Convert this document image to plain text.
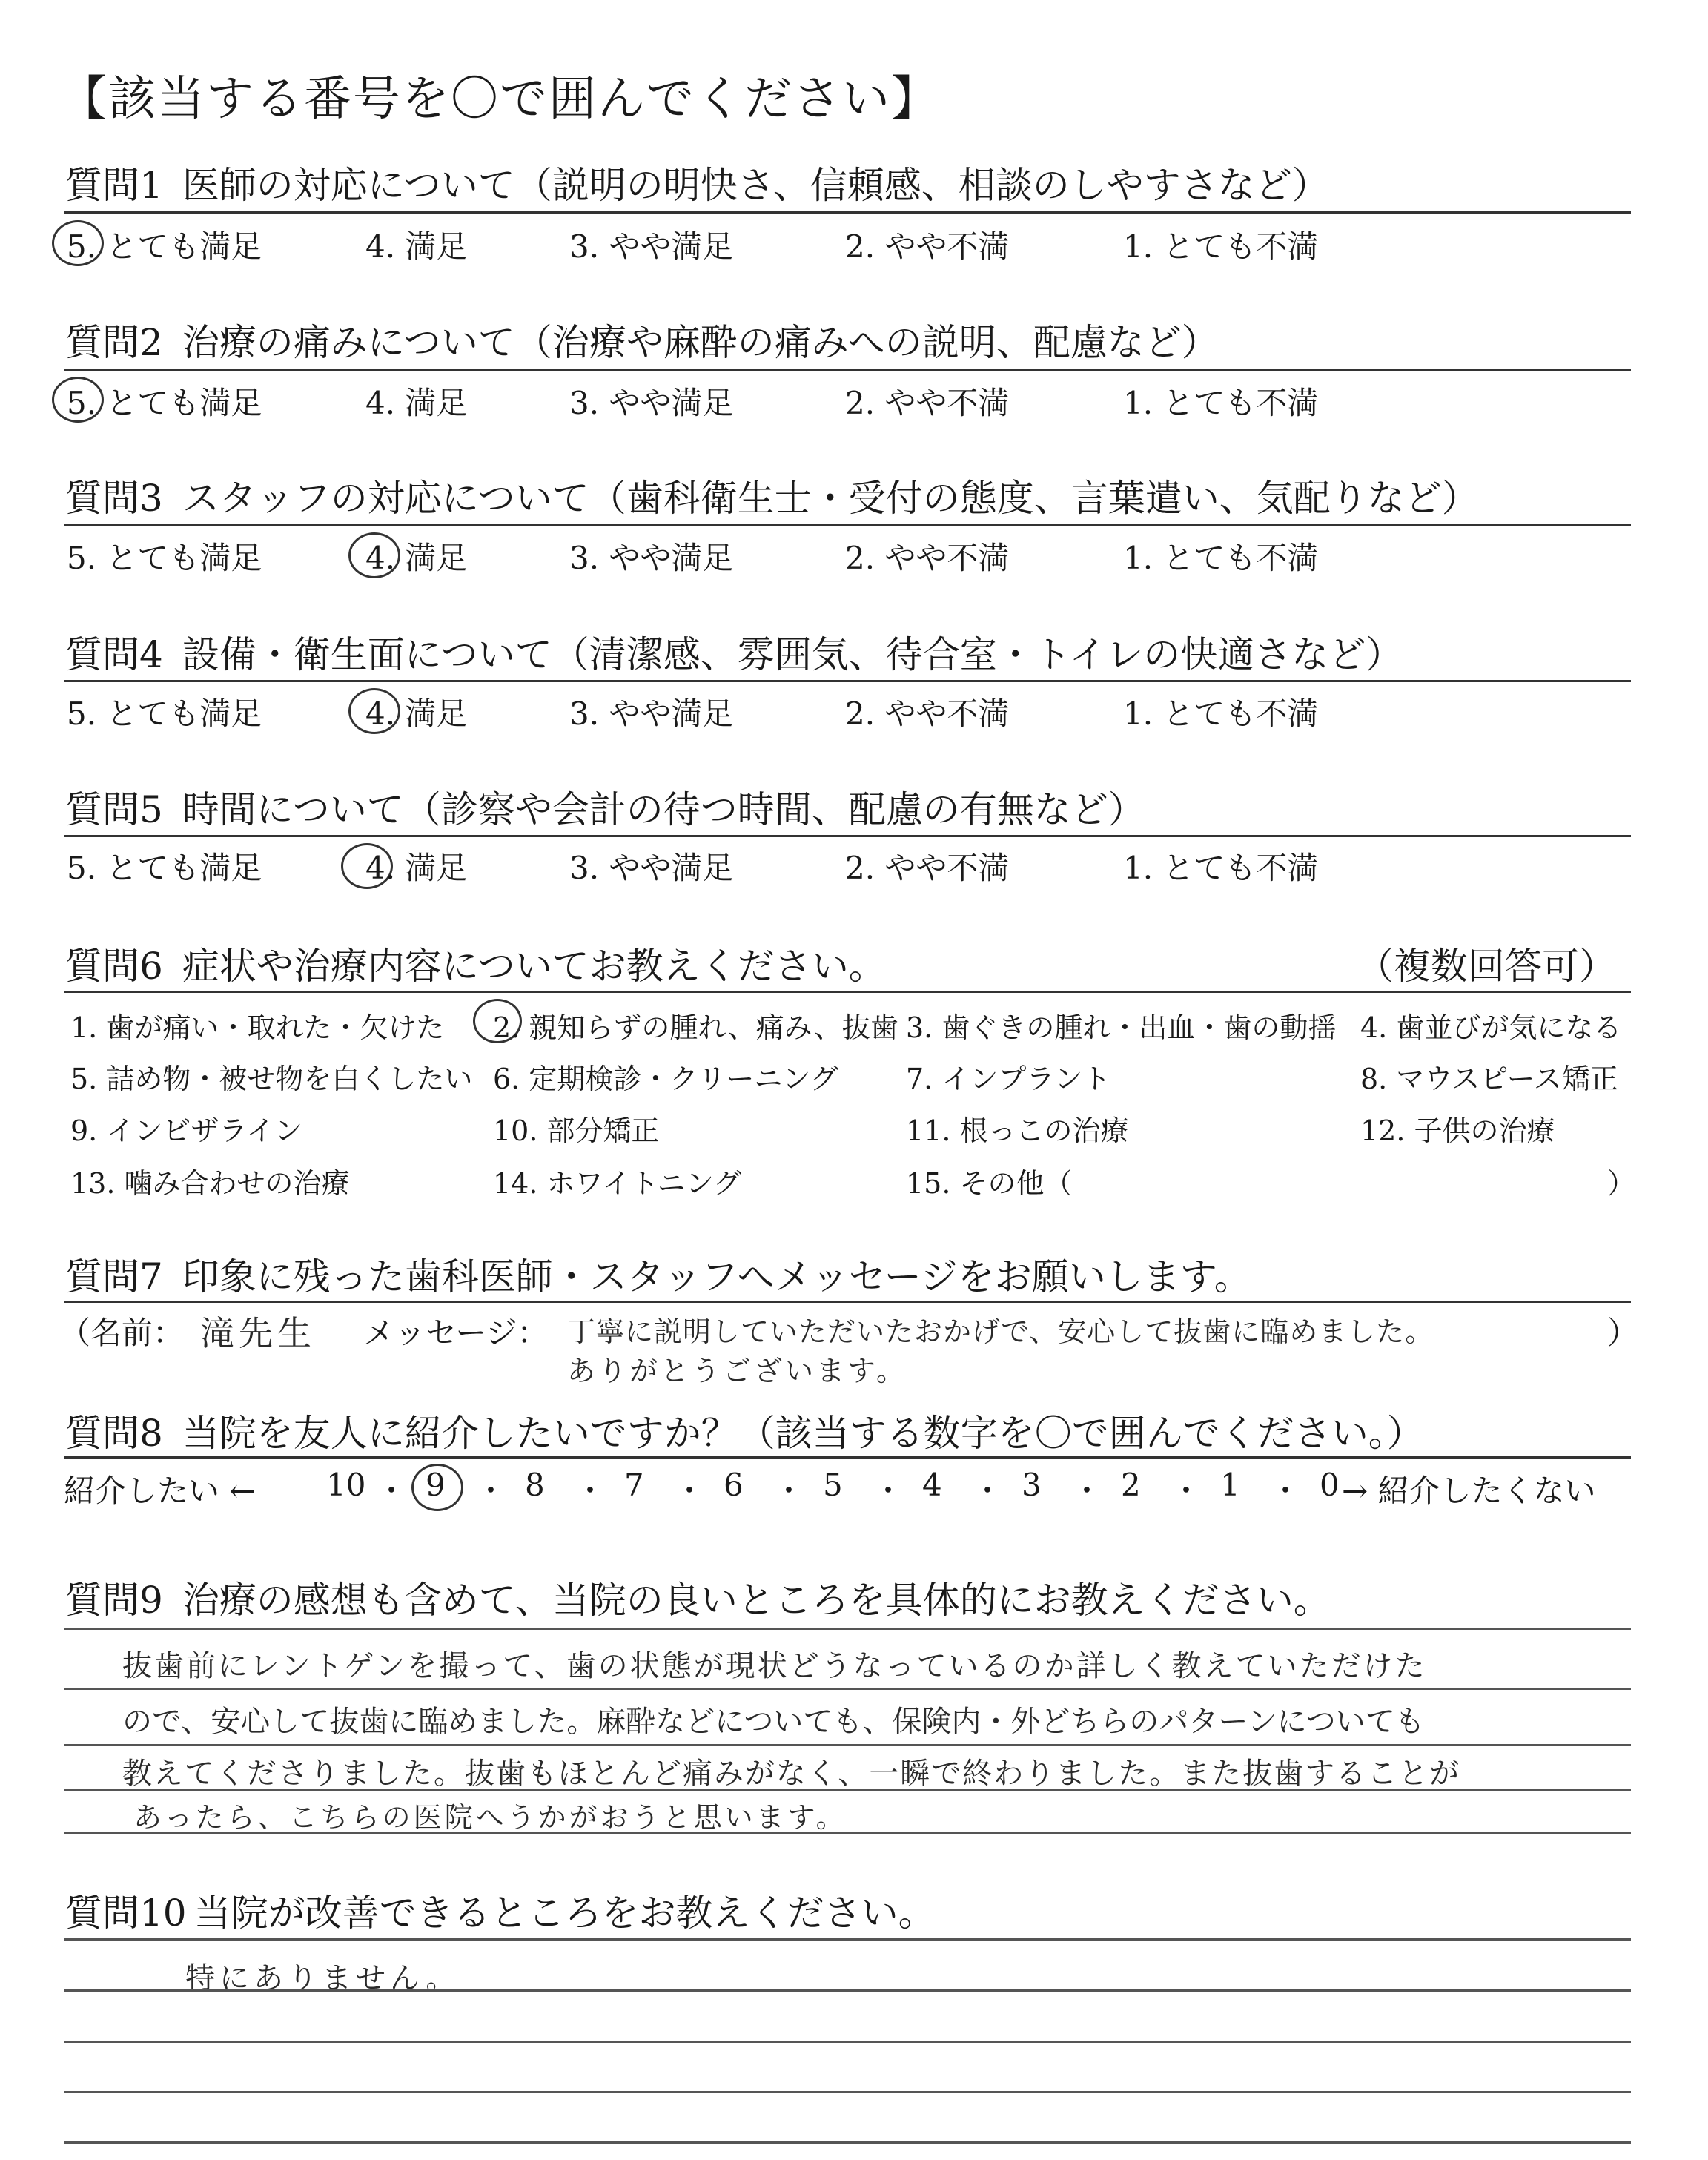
【該当する番号を〇で囲んでください】
質問1 医師の対応について（説明の明快さ、信頼感、相談のしやすさなど）
5. とても満足	4. 満足	3. やや満足	2. やや不満	1. とても不満
質問2 治療の痛みについて（治療や麻酔の痛みへの説明、配慮など）
5. とても満足	4. 満足	3. やや満足	2. やや不満	1. とても不満
質問3 スタッフの対応について（歯科衛生士・受付の態度、言葉遣い、気配りなど）
5. とても満足	4. 満足	3. やや満足	2. やや不満	1. とても不満
質問4 設備・衛生面について（清潔感、雰囲気、待合室・トイレの快適さなど）
5. とても満足	4. 満足	3. やや満足	2. やや不満	1. とても不満
質問5 時間について（診察や会計の待つ時間、配慮の有無など）
5. とても満足	4. 満足	3. やや満足	2. やや不満	1. とても不満
質問6 症状や治療内容についてお教えください。	（複数回答可）
1. 歯が痛い・取れた・欠けた 2. 親知らずの腫れ、痛み、抜歯 3. 歯ぐきの腫れ・出血・歯の動揺 4. 歯並びが気になる
5. 詰め物・被せ物を白くしたい 6. 定期検診・クリーニング 7. インプラント	8. マウスピース矯正
9. インビザライン	10. 部分矯正	11. 根っこの治療	12. 子供の治療
13. 噛み合わせの治療	14. ホワイトニング	15. その他（	）
質問7 印象に残った歯科医師・スタッフへメッセージをお願いします。
（名前： 滝先生 メッセージ： 丁寧に説明していただいたおかげで、安心して抜歯に臨めました。
ありがとうございます。
）
質問8 当院を友人に紹介したいですか？（該当する数字を〇で囲んでください。）
紹介したい ← 10 ・ 9 ・ 8 ・ 7 ・ 6 ・ 5 ・ 4 ・ 3 ・ 2 ・ 1 ・ 0 → 紹介したくない
質問9 治療の感想も含めて、当院の良いところを具体的にお教えください。
抜歯前にレントゲンを撮って、歯の状態が現状どうなっているのか詳しく教えていただけた
ので、安心して抜歯に臨めました。麻酔などについても、保険内・外どちらのパターンについても
教えてくださりました。抜歯もほとんど痛みがなく、一瞬で終わりました。また抜歯することが
あったら、こちらの医院へうかがおうと思います。
質問10 当院が改善できるところをお教えください。
特にありません。
